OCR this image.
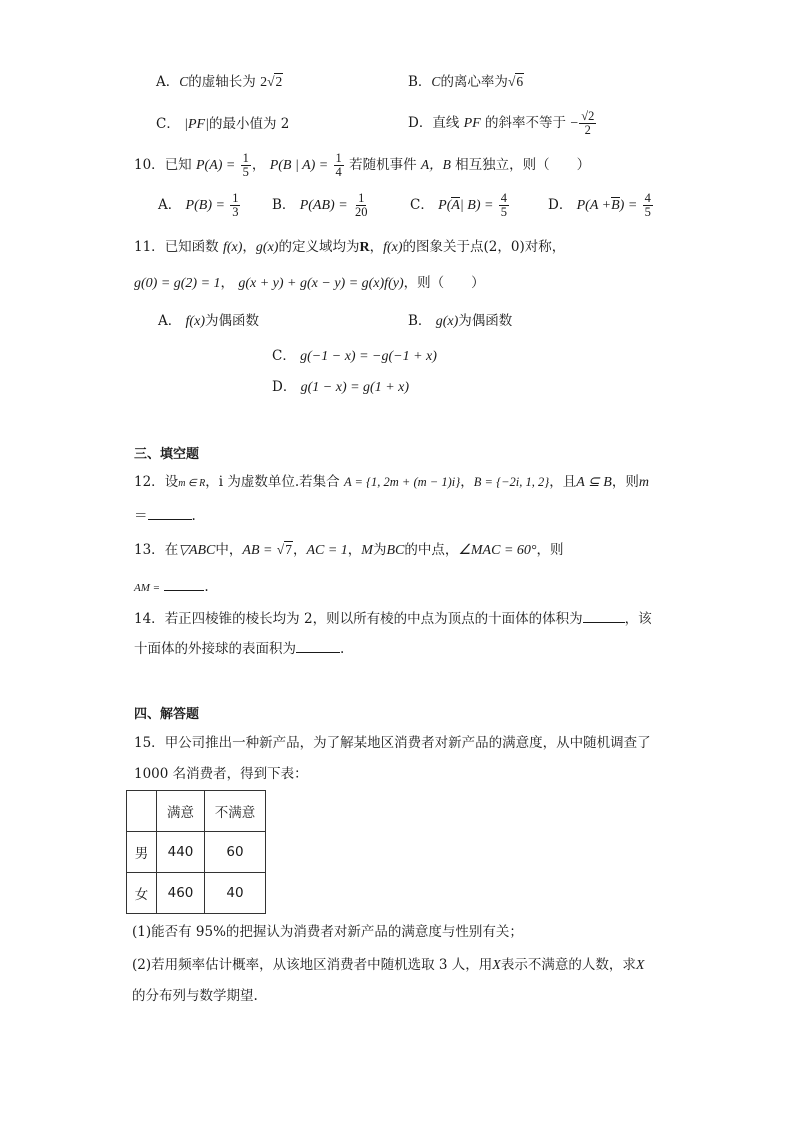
A．C的虚轴长为 2√2	B．C的离心率为√6
C． |PF|的最小值为 2	D．直线 PF 的斜率不等于 − $\frac{√2}{2}$
10．已知 $P(A) = \frac{1}{5}$ ， P(B | $A) = \frac{1}{4}$ 若随机事件 A，B 相互独立，则（　　）
A． $P(B) = \frac{1}{3}$ B． $P(AB) = \frac{1}{20}$	C． P(A| $B) = \frac{4}{5}$	D． $P(A +B) = \frac{4}{5}$
11．已知函数 f(x)，g(x)的定义域均为R，f(x)的图象关于点(2，0)对称，
g(0) = g(2) = 1， g(x + y) + g(x − y) = g(x)f(y)，则（　　）
A． f(x)为偶函数	B． g(x)为偶函数
C． g(−1 − x) = −g(−1 + x)
D． g(1 − x) = g(1 + x)
三、填空题
12．设m ∈ R，i 为虚数单位.若集合 A = {1, 2m + (m − 1)i}，B = {−2i, 1, 2}，且A ⊆ B，则m
＝	.
13．在▽ABC中，AB = √7，AC = 1，M为BC的中点，∠MAC = 60°，则
AM =	.
14．若正四棱锥的棱长均为 2，则以所有棱的中点为顶点的十面体的体积为	，该
十面体的外接球的表面积为	.
四、解答题
15．甲公司推出一种新产品，为了解某地区消费者对新产品的满意度，从中随机调查了
1000 名消费者，得到下表：
	满意	不满意
男	440	60
女	460	40
(1)能否有 95%的把握认为消费者对新产品的满意度与性别有关；
(2)若用频率估计概率，从该地区消费者中随机选取 3 人，用X表示不满意的人数，求X
的分布列与数学期望.
